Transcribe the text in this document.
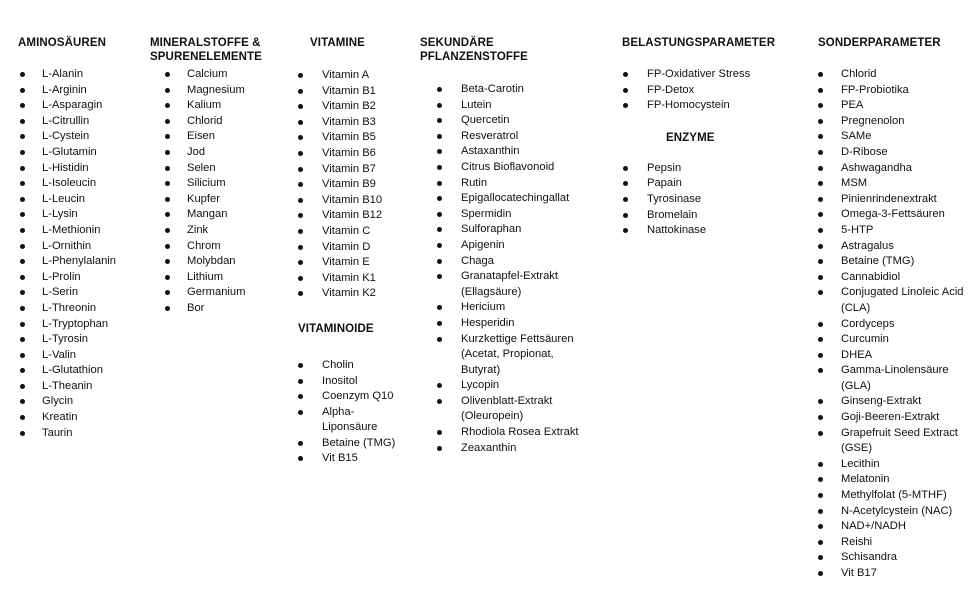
AMINOSÄUREN
L-Alanin
L-Arginin
L-Asparagin
L-Citrullin
L-Cystein
L-Glutamin
L-Histidin
L-Isoleucin
L-Leucin
L-Lysin
L-Methionin
L-Ornithin
L-Phenylalanin
L-Prolin
L-Serin
L-Threonin
L-Tryptophan
L-Tyrosin
L-Valin
L-Glutathion
L-Theanin
Glycin
Kreatin
Taurin
MINERALSTOFFE &
SPURENELEMENTE
Calcium
Magnesium
Kalium
Chlorid
Eisen
Jod
Selen
Silicium
Kupfer
Mangan
Zink
Chrom
Molybdan
Lithium
Germanium
Bor
VITAMINE
Vitamin A
Vitamin B1
Vitamin B2
Vitamin B3
Vitamin B5
Vitamin B6
Vitamin B7
Vitamin B9
Vitamin B10
Vitamin B12
Vitamin C
Vitamin D
Vitamin E
Vitamin K1
Vitamin K2
VITAMINOIDE
Cholin
Inositol
Coenzym Q10
Alpha-Liponsäure
Betaine (TMG)
Vit B15
SEKUNDÄRE PFLANZENSTOFFE
Beta-Carotin
Lutein
Quercetin
Resveratrol
Astaxanthin
Citrus Bioflavonoid
Rutin
Epigallocatechingallat
Spermidin
Sulforaphan
Apigenin
Chaga
Granatapfel-Extrakt (Ellagsäure)
Hericium
Hesperidin
Kurzkettige Fettsäuren (Acetat, Propionat, Butyrat)
Lycopin
Olivenblatt-Extrakt (Oleuropein)
Rhodiola Rosea Extrakt
Zeaxanthin
BELASTUNGSPARAMETER
FP-Oxidativer Stress
FP-Detox
FP-Homocystein
ENZYME
Pepsin
Papain
Tyrosinase
Bromelain
Nattokinase
SONDERPARAMETER
Chlorid
FP-Probiotika
PEA
Pregnenolon
SAMe
D-Ribose
Ashwagandha
MSM
Pinienrindenextrakt
Omega-3-Fettsäuren
5-HTP
Astragalus
Betaine (TMG)
Cannabidiol
Conjugated Linoleic Acid (CLA)
Cordyceps
Curcumin
DHEA
Gamma-Linolensäure (GLA)
Ginseng-Extrakt
Goji-Beeren-Extrakt
Grapefruit Seed Extract (GSE)
Lecithin
Melatonin
Methylfolat (5-MTHF)
N-Acetylcystein (NAC)
NAD+/NADH
Reishi
Schisandra
Vit B17
